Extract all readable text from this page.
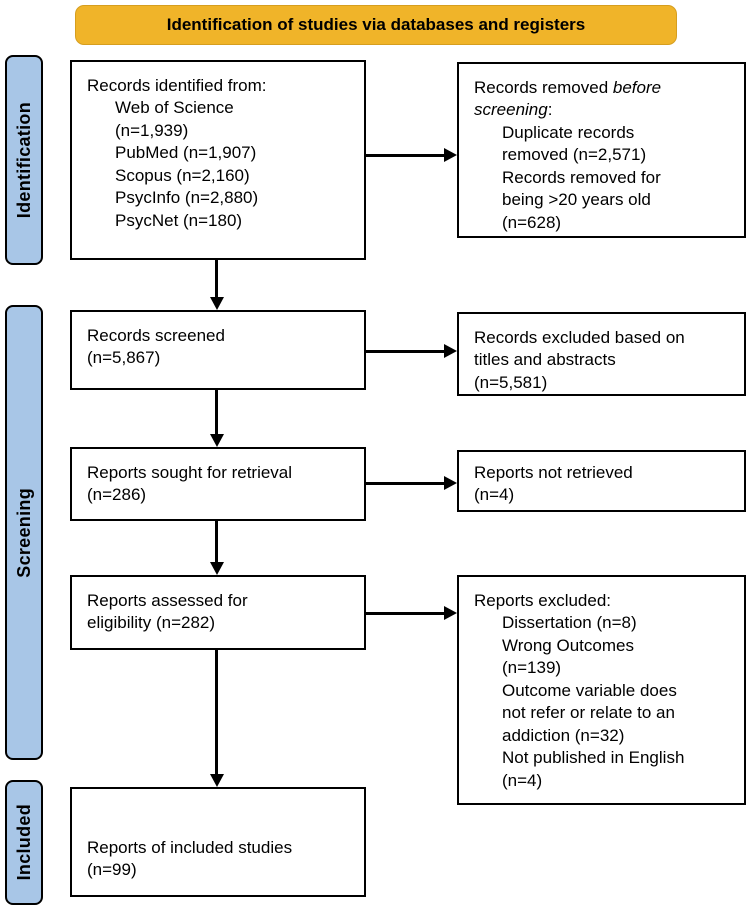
Identification of studies via databases and registers
Identification
Screening
Included
Records identified from:
Web of Science
(n=1,939)
PubMed (n=1,907)
Scopus (n=2,160)
PsycInfo (n=2,880)
PsycNet (n=180)
Records screened
(n=5,867)
Reports sought for retrieval
(n=286)
Reports assessed for
eligibility (n=282)
Reports of included studies
(n=99)
Records removed before screening:
Duplicate records
removed (n=2,571)
Records removed for
being >20 years old
(n=628)
Records excluded based on
titles and abstracts
(n=5,581)
Reports not retrieved
(n=4)
Reports excluded:
Dissertation (n=8)
Wrong Outcomes
(n=139)
Outcome variable does
not refer or relate to an
addiction (n=32)
Not published in English
(n=4)
